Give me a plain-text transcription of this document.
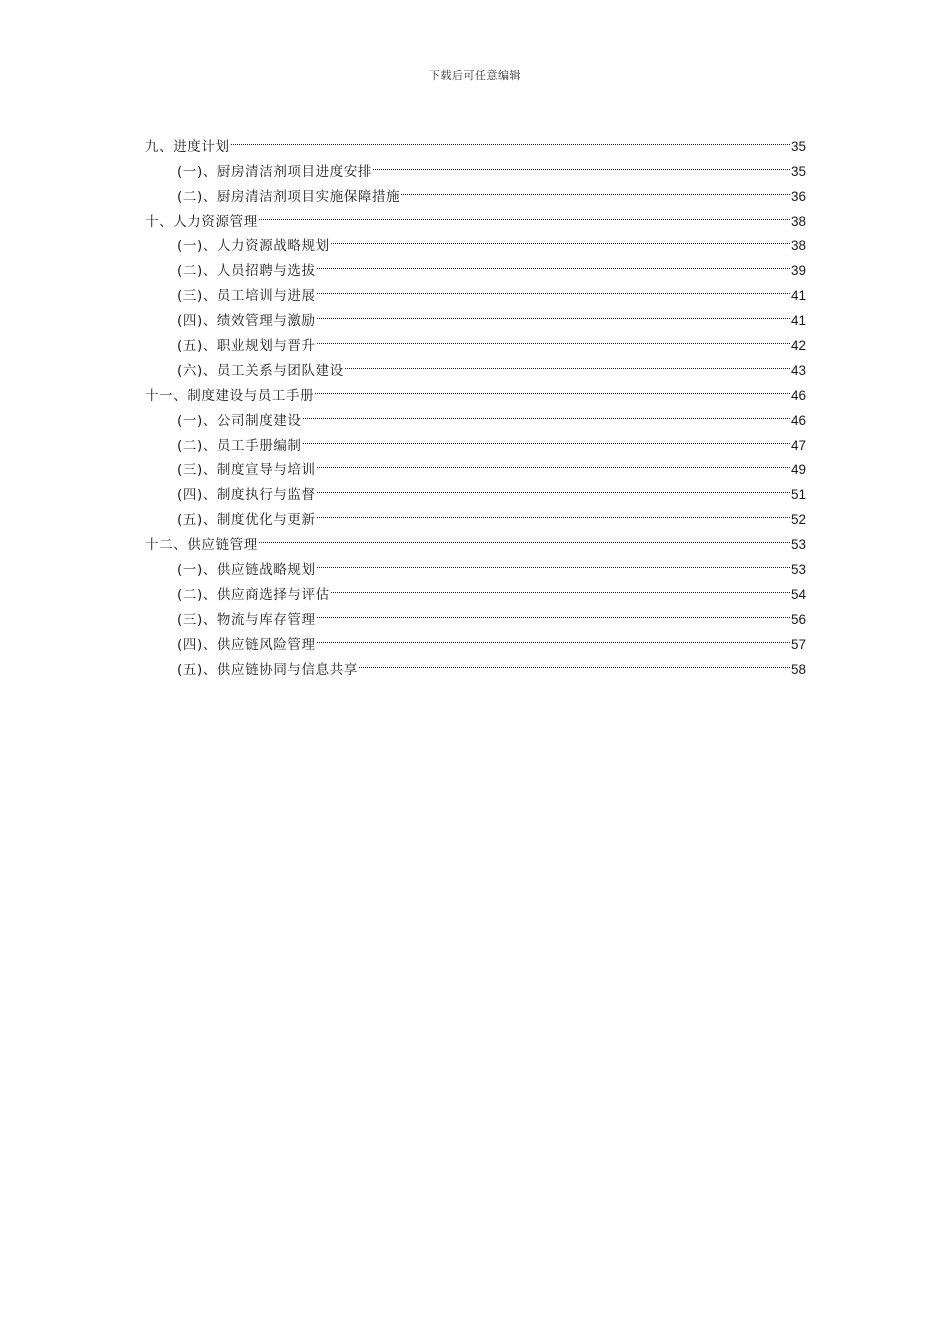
下载后可任意编辑
九、进度计划	35
(一)、厨房清洁剂项目进度安排	35
(二)、厨房清洁剂项目实施保障措施	36
十、人力资源管理	38
(一)、人力资源战略规划	38
(二)、人员招聘与选拔	39
(三)、员工培训与进展	41
(四)、绩效管理与激励	41
(五)、职业规划与晋升	42
(六)、员工关系与团队建设	43
十一、制度建设与员工手册	46
(一)、公司制度建设	46
(二)、员工手册编制	47
(三)、制度宣导与培训	49
(四)、制度执行与监督	51
(五)、制度优化与更新	52
十二、供应链管理	53
(一)、供应链战略规划	53
(二)、供应商选择与评估	54
(三)、物流与库存管理	56
(四)、供应链风险管理	57
(五)、供应链协同与信息共享	58
